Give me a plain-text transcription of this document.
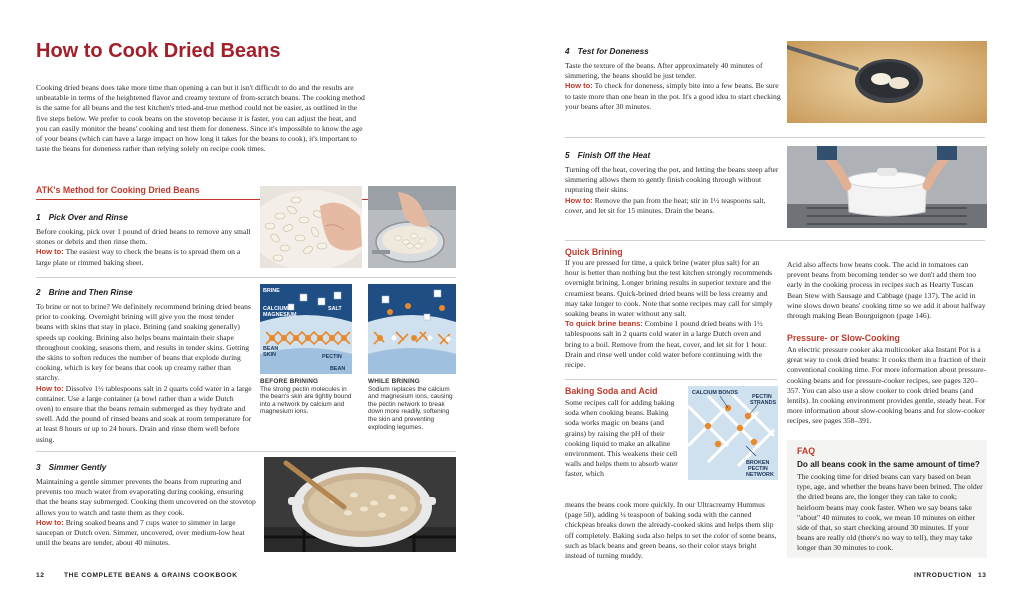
How to Cook Dried Beans
Cooking dried beans does take more time than opening a can but it isn't difficult to do and the results are unbeatable in terms of the heightened flavor and creamy texture of from-scratch beans. The cooking method is the same for all beans and the test kitchen's tried-and-true method could not be easier, as outlined in the five steps below. We prefer to cook beans on the stovetop because it is faster, you can adjust the heat, and you can easily monitor the beans' cooking and test them for doneness. Since it's impossible to know the age of your beans (which can have a large impact on how long it takes for the beans to cook), it's important to taste the beans for doneness rather than relying solely on recipe cook times.
ATK's Method for Cooking Dried Beans
1 Pick Over and Rinse
Before cooking, pick over 1 pound of dried beans to remove any small stones or debris and then rinse them.
How to: The easiest way to check the beans is to spread them on a large plate or rimmed baking sheet.
2 Brine and Then Rinse
To brine or not to brine? We definitely recommend brining dried beans prior to cooking. Overnight brining will give you the most tender beans with skins that stay in place. Brining (and soaking generally) speeds up cooking. Brining also helps beans maintain their shape throughout cooking, seasons them, and results in tender skins. Getting the skins to soften reduces the number of beans that explode during cooking, which is key for beans that cook up creamy rather than starchy.
How to: Dissolve 1½ tablespoons salt in 2 quarts cold water in a large container. Use a large container (a bowl rather than a wide Dutch oven) to ensure that the beans remain submerged as they hydrate and swell. Add the pound of rinsed beans and soak at room temperature for at least 8 hours or up to 24 hours. Drain and rinse them well before using.
BRINE
SALT
CALCIUM &
MAGNESIUM
BEAN
SKIN	PECTIN
BEAN
BEFORE BRINING
The strong pectin molecules in the bean's skin are tightly bound into a network by calcium and magnesium ions.
WHILE BRINING
Sodium replaces the calcium and magnesium ions, causing the pectin network to break down more readily, softening the skin and preventing exploding legumes.
3 Simmer Gently
Maintaining a gentle simmer prevents the beans from rupturing and prevents too much water from evaporating during cooking, ensuring that the beans stay submerged. Cooking them uncovered on the stovetop allows you to watch and taste them as they cook.
How to: Bring soaked beans and 7 cups water to simmer in large saucepan or Dutch oven. Simmer, uncovered, over medium-low heat until the beans are tender, about 40 minutes.
12	THE COMPLETE BEANS & GRAINS COOKBOOK
4 Test for Doneness
Taste the texture of the beans. After approximately 40 minutes of simmering, the beans should be just tender.
How to: To check for doneness, simply bite into a few beans. Be sure to taste more than one bean in the pot. It's a good idea to start checking your beans after 30 minutes.
5 Finish Off the Heat
Turning off the heat, covering the pot, and letting the beans steep after simmering allows them to gently finish cooking through without rupturing their skins.
How to: Remove the pan from the heat; stir in 1½ teaspoons salt, cover, and let sit for 15 minutes. Drain the beans.
Quick Brining
If you are pressed for time, a quick brine (water plus salt) for an hour is better than nothing but the test kitchen strongly recommends overnight brining. Longer brining results in superior texture and the creamiest beans. Quick-brined dried beans will be less creamy and may take longer to cook. Note that some recipes may call for simply soaking beans in water without any salt.
To quick brine beans: Combine 1 pound dried beans with 1½ tablespoons salt in 2 quarts cold water in a large Dutch oven and bring to a boil. Remove from the heat, cover, and let sit for 1 hour. Drain and rinse well under cold water before continuing with the recipe.
Baking Soda and Acid
Some recipes call for adding baking soda when cooking beans. Baking soda works magic on beans (and grains) by raising the pH of their cooking liquid to make an alkaline environment. This weakens their cell walls and helps them to absorb water faster, which
CALCIUM BONDS
PECTIN
STRANDS
BROKEN
PECTIN
NETWORK
means the beans cook more quickly. In our Ultracreamy Hummus (page 50), adding ¼ teaspoon of baking soda with the canned chickpeas breaks down the already-cooked skins and helps them slip off completely. Baking soda also helps to set the color of some beans, such as black beans and green beans, so their color stays bright instead of turning muddy.
Acid also affects how beans cook. The acid in tomatoes can prevent beans from becoming tender so we don't add them too early in the cooking process in recipes such as Hearty Tuscan Bean Stew with Sausage and Cabbage (page 137). The acid in wine slows down beans' cooking time so we add it about halfway through making Bean Bourguignon (page 146).
Pressure- or Slow-Cooking
An electric pressure cooker aka multicooker aka Instant Pot is a great way to cook dried beans: It cooks them in a fraction of their conventional cooking time. For more information about pressure-cooking beans and for pressure-cooker recipes, see pages 320–357. You can also use a slow cooker to cook dried beans (and lentils). In cooking environment provides gentle, steady heat. For more information about slow-cooking beans and for slow-cooker recipes, see pages 358–391.
FAQ
Do all beans cook in the same amount of time?
The cooking time for dried beans can vary based on bean type, age, and whether the beans have been brined. The older the dried beans are, the longer they can take to cook; heirloom beans may cook faster. When we say beans take "about" 40 minutes to cook, we mean 10 minutes on either side of that, so start checking around 30 minutes. If your beans are really old (there's no way to tell), they may take longer than 30 minutes to cook.
INTRODUCTION 13
